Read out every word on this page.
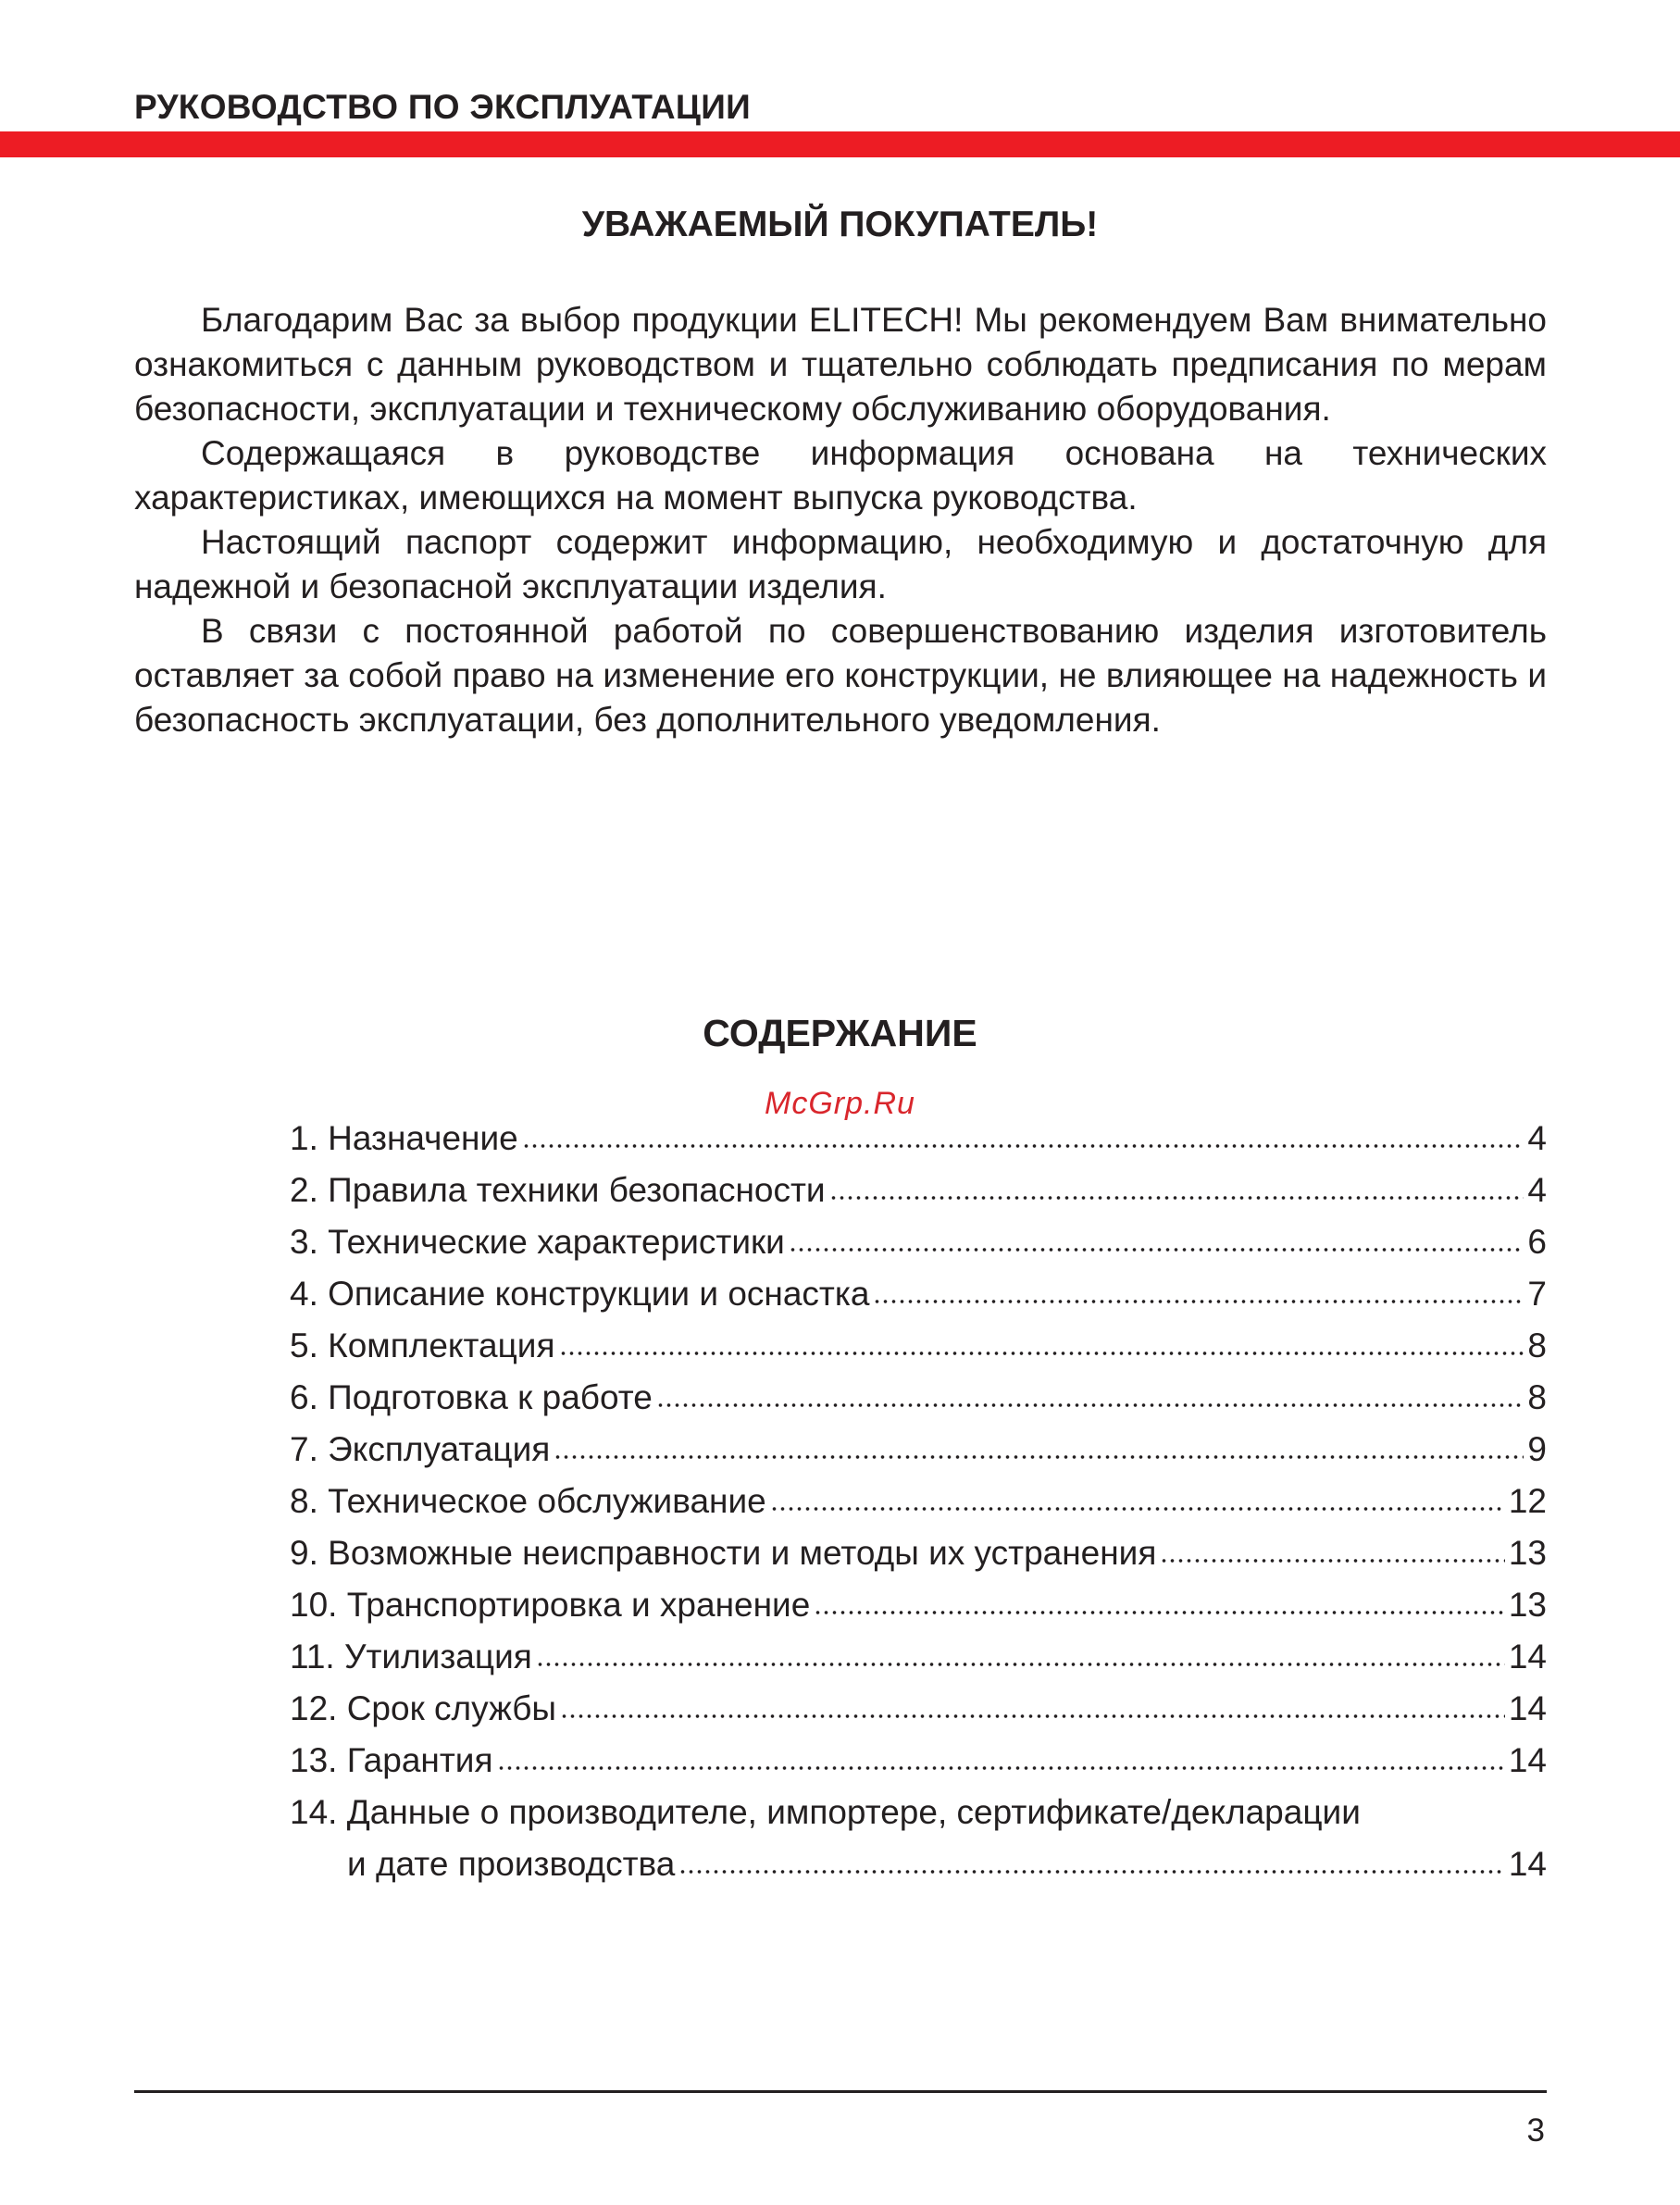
РУКОВОДСТВО ПО ЭКСПЛУАТАЦИИ
УВАЖАЕМЫЙ ПОКУПАТЕЛЬ!

Благодарим Вас за выбор продукции ELITECH! Мы рекомендуем Вам внимательно ознакомиться с данным руководством и тщательно соблюдать предписания по мерам безопасности, эксплуатации и техническому обслуживанию оборудования.

Содержащаяся в руководстве информация основана на технических характеристиках, имеющихся на момент выпуска руководства.

Настоящий паспорт содержит информацию, необходимую и достаточную для надежной и безопасной эксплуатации изделия.

В связи с постоянной работой по совершенствованию изделия изготовитель оставляет за собой право на изменение его конструкции, не влияющее на надежность и безопасность эксплуатации, без дополнительного уведомления.

СОДЕРЖАНИЕ
McGrp.Ru
1. Назначение	4
2. Правила техники безопасности	4
3. Технические характеристики	6
4. Описание конструкции и оснастка	7
5. Комплектация	8
6. Подготовка к работе	8
7. Эксплуатация	9
8. Техническое обслуживание	12
9. Возможные неисправности и методы их устранения	13
10. Транспортировка и хранение	13
11. Утилизация	14
12. Срок службы	14
13. Гарантия	14
14. Данные о производителе, импортере, сертификате/декларации
и дате производства	14
3
